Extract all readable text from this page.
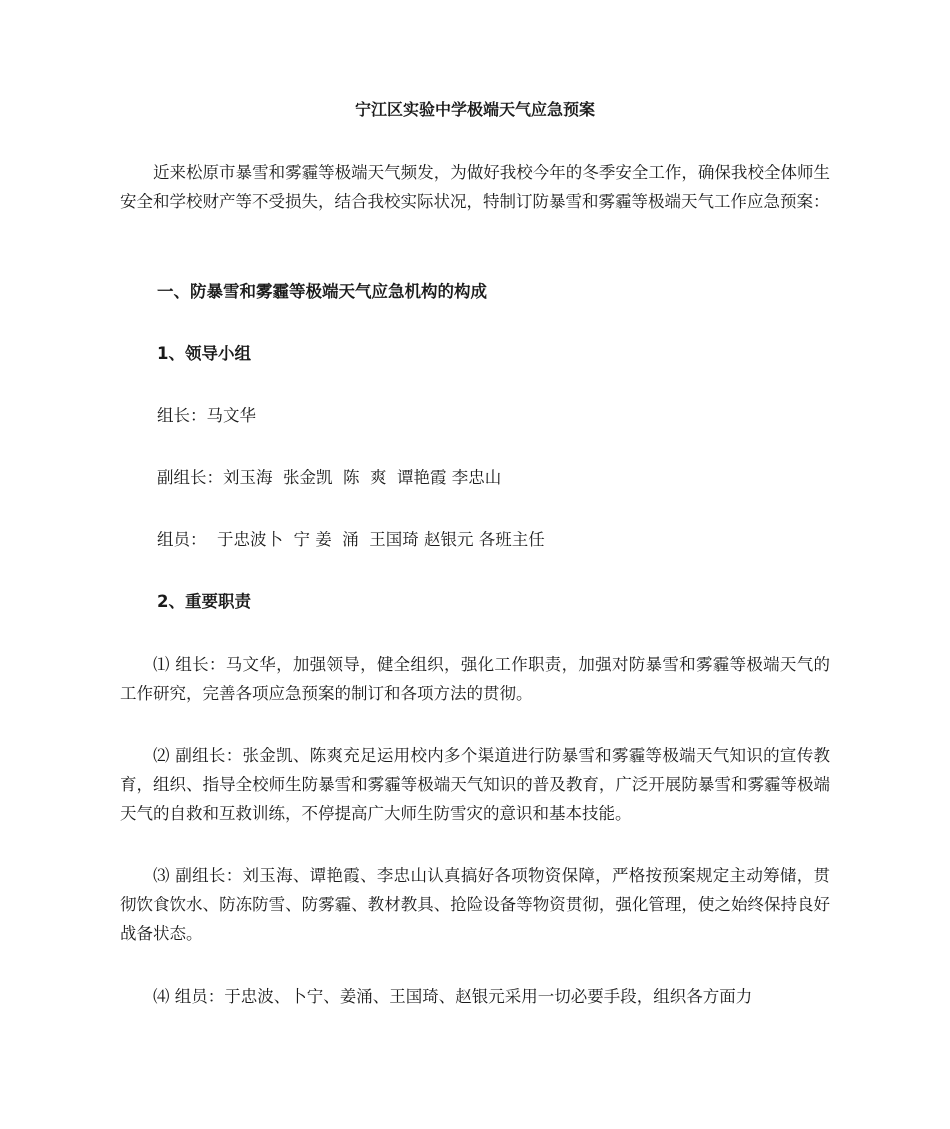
宁江区实验中学极端天气应急预案

近来松原市暴雪和雾霾等极端天气频发，为做好我校今年的冬季安全工作，确保我校全体师生安全和学校财产等不受损失，结合我校实际状况，特制订防暴雪和雾霾等极端天气工作应急预案：

一、防暴雪和雾霾等极端天气应急机构的构成
1、领导小组
组长：马文华
副组长：刘玉海  张金凯  陈  爽  谭艳霞 李忠山
组员：  于忠波卜  宁 姜  涌  王国琦 赵银元 各班主任
2、重要职责

⑴ 组长：马文华，加强领导，健全组织，强化工作职责，加强对防暴雪和雾霾等极端天气的工作研究，完善各项应急预案的制订和各项方法的贯彻。

⑵ 副组长：张金凯、陈爽充足运用校内多个渠道进行防暴雪和雾霾等极端天气知识的宣传教育，组织、指导全校师生防暴雪和雾霾等极端天气知识的普及教育，广泛开展防暴雪和雾霾等极端天气的自救和互救训练，不停提高广大师生防雪灾的意识和基本技能。

⑶ 副组长：刘玉海、谭艳霞、李忠山认真搞好各项物资保障，严格按预案规定主动筹储，贯彻饮食饮水、防冻防雪、防雾霾、教材教具、抢险设备等物资贯彻，强化管理，使之始终保持良好战备状态。

⑷ 组员：于忠波、卜宁、姜涌、王国琦、赵银元采用一切必要手段，组织各方面力
